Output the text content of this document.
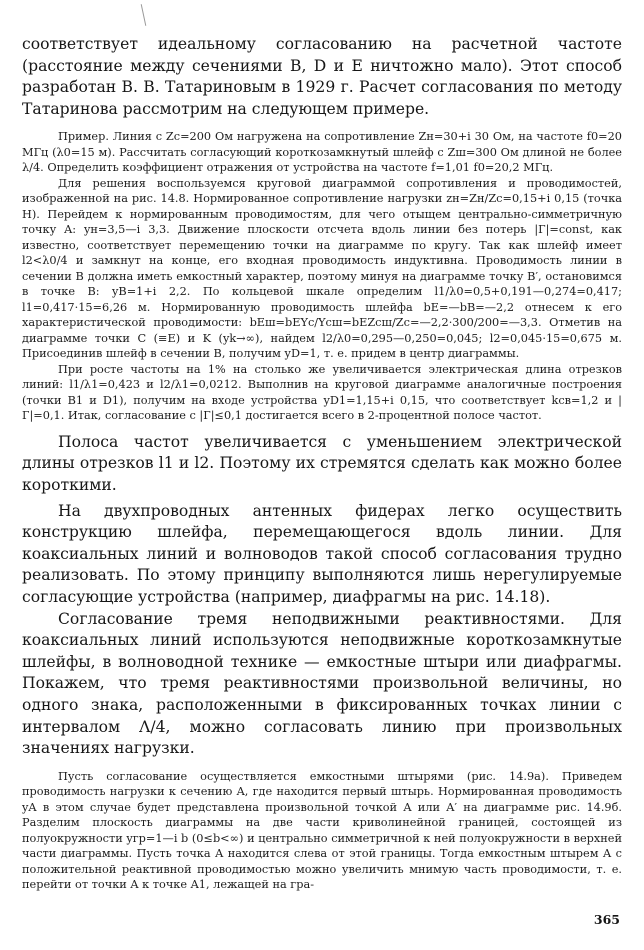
соответствует идеальному согласованию на расчетной частоте (расстояние между сечениями B, D и E ничтожно мало). Этот способ разработан В. В. Татариновым в 1929 г. Расчет согласования по методу Татаринова рассмотрим на следующем примере.

Пример. Линия с Zc=200 Ом нагружена на сопротивление Zн=30+i 30 Ом, на частоте f0=20 МГц (λ0=15 м). Рассчитать согласующий короткозамкнутый шлейф с Zш=300 Ом длиной не более λ/4. Определить коэффициент отражения от устройства на частоте f=1,01 f0=20,2 МГц.

Для решения воспользуемся круговой диаграммой сопротивления и проводимостей, изображенной на рис. 14.8. Нормированное сопротивление нагрузки zн=Zн/Zc=0,15+i 0,15 (точка H). Перейдем к нормированным проводимостям, для чего отыщем центрально-симметричную точку A: yн=3,5—i 3,3. Движение плоскости отсчета вдоль линии без потерь |Г|=const, как известно, соответствует перемещению точки на диаграмме по кругу. Так как шлейф имеет l2<λ0/4 и замкнут на конце, его входная проводимость индуктивна. Проводимость линии в сечении B должна иметь емкостный характер, поэтому минуя на диаграмме точку B′, остановимся в точке B: yB=1+i 2,2. По кольцевой шкале определим l1/λ0=0,5+0,191—0,274=0,417; l1=0,417·15=6,26 м. Нормированную проводимость шлейфа bE=—bB=—2,2 отнесем к его характеристической проводимости: bEш=bEYc/Yсш=bEZсш/Zc=—2,2·300/200=—3,3. Отметив на диаграмме точки C (≡E) и K (yk→∞), найдем l2/λ0=0,295—0,250=0,045; l2=0,045·15=0,675 м. Присоединив шлейф в сечении B, получим yD=1, т. е. придем в центр диаграммы.

При росте частоты на 1% на столько же увеличивается электрическая длина отрезков линий: l1/λ1=0,423 и l2/λ1=0,0212. Выполнив на круговой диаграмме аналогичные построения (точки B1 и D1), получим на входе устройства yD1=1,15+i 0,15, что соответствует kсв=1,2 и |Г|=0,1. Итак, согласование с |Г|≤0,1 достигается всего в 2-процентной полосе частот.

Полоса частот увеличивается с уменьшением электрической длины отрезков l1 и l2. Поэтому их стремятся сделать как можно более короткими.

На двухпроводных антенных фидерах легко осуществить конструкцию шлейфа, перемещающегося вдоль линии. Для коаксиальных линий и волноводов такой способ согласования трудно реализовать. По этому принципу выполняются лишь нерегулируемые согласующие устройства (например, диафрагмы на рис. 14.18).

Согласование тремя неподвижными реактивностями. Для коаксиальных линий используются неподвижные короткозамкнутые шлейфы, в волноводной технике — емкостные штыри или диафрагмы. Покажем, что тремя реактивностями произвольной величины, но одного знака, расположенными в фиксированных точках линии с интервалом Λ/4, можно согласовать линию при произвольных значениях нагрузки.

Пусть согласование осуществляется емкостными штырями (рис. 14.9а). Приведем проводимость нагрузки к сечению A, где находится первый штырь. Нормированная проводимость yA в этом случае будет представлена произвольной точкой A или A′ на диаграмме рис. 14.9б. Разделим плоскость диаграммы на две части криволинейной границей, состоящей из полуокружности yгр=1—i b (0≤b<∞) и центрально симметричной к ней полуокружности в верхней части диаграммы. Пусть точка A находится слева от этой границы. Тогда емкостным штырем A с положительной реактивной проводимостью можно увеличить мнимую часть проводимости, т. е. перейти от точки A к точке A1, лежащей на гра-

365
